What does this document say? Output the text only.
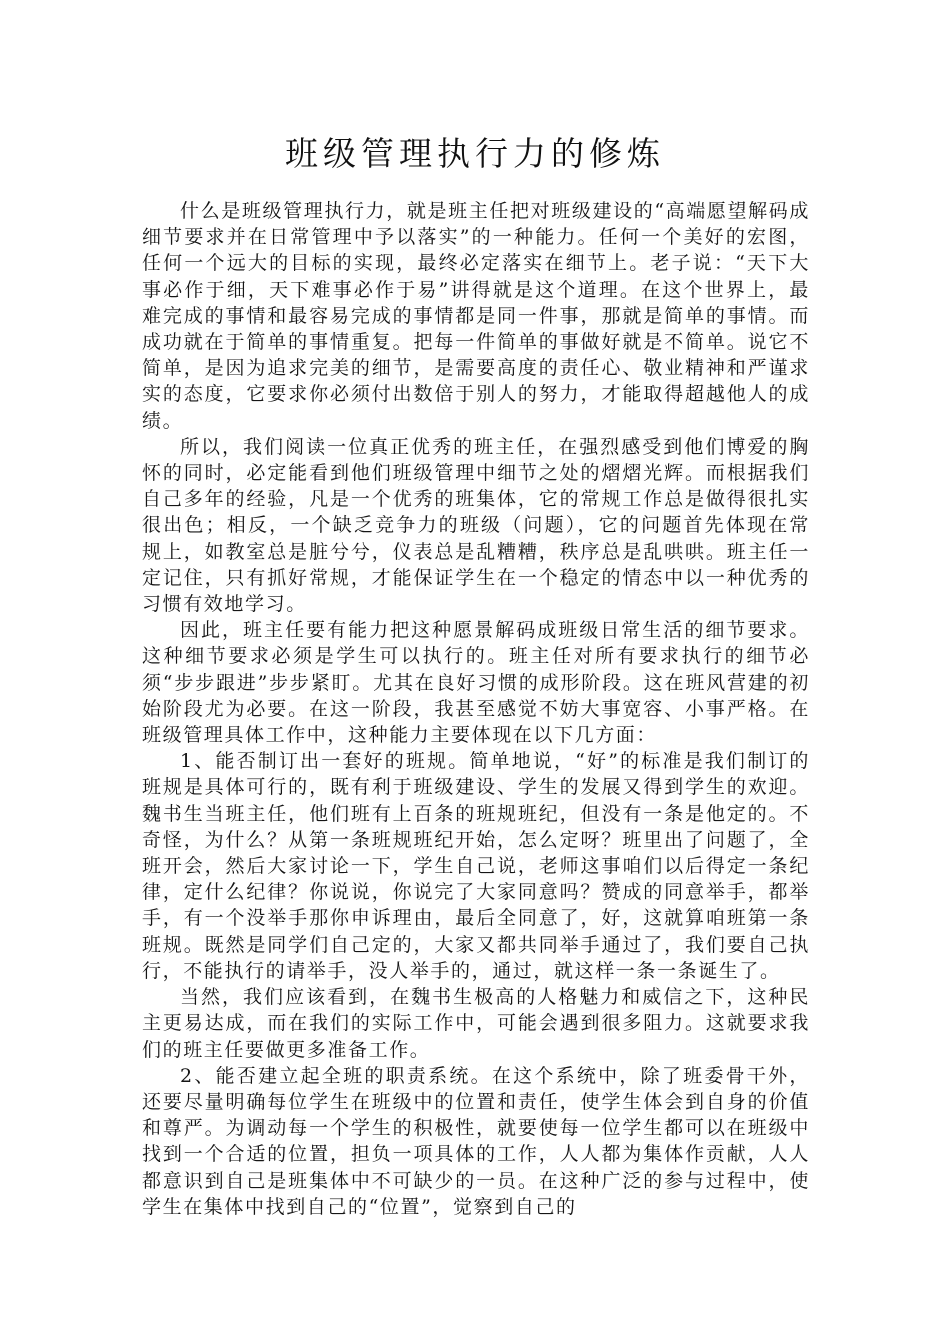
班级管理执行力的修炼

什么是班级管理执行力，就是班主任把对班级建设的“高端愿望解码成细节要求并在日常管理中予以落实”的一种能力。任何一个美好的宏图，任何一个远大的目标的实现，最终必定落实在细节上。老子说：“天下大事必作于细，天下难事必作于易”讲得就是这个道理。在这个世界上，最难完成的事情和最容易完成的事情都是同一件事，那就是简单的事情。而成功就在于简单的事情重复。把每一件简单的事做好就是不简单。说它不简单，是因为追求完美的细节，是需要高度的责任心、敬业精神和严谨求实的态度，它要求你必须付出数倍于别人的努力，才能取得超越他人的成绩。

所以，我们阅读一位真正优秀的班主任，在强烈感受到他们博爱的胸怀的同时，必定能看到他们班级管理中细节之处的熠熠光辉。而根据我们自己多年的经验，凡是一个优秀的班集体，它的常规工作总是做得很扎实很出色；相反，一个缺乏竞争力的班级（问题），它的问题首先体现在常规上，如教室总是脏兮兮，仪表总是乱糟糟，秩序总是乱哄哄。班主任一定记住，只有抓好常规，才能保证学生在一个稳定的情态中以一种优秀的习惯有效地学习。

因此，班主任要有能力把这种愿景解码成班级日常生活的细节要求。这种细节要求必须是学生可以执行的。班主任对所有要求执行的细节必须“步步跟进”步步紧盯。尤其在良好习惯的成形阶段。这在班风营建的初始阶段尤为必要。在这一阶段，我甚至感觉不妨大事宽容、小事严格。在班级管理具体工作中，这种能力主要体现在以下几方面：

1、能否制订出一套好的班规。简单地说，“好”的标准是我们制订的班规是具体可行的，既有利于班级建设、学生的发展又得到学生的欢迎。魏书生当班主任，他们班有上百条的班规班纪，但没有一条是他定的。不奇怪，为什么？从第一条班规班纪开始，怎么定呀？班里出了问题了，全班开会，然后大家讨论一下，学生自己说，老师这事咱们以后得定一条纪律，定什么纪律？你说说，你说完了大家同意吗？赞成的同意举手，都举手，有一个没举手那你申诉理由，最后全同意了，好，这就算咱班第一条班规。既然是同学们自己定的，大家又都共同举手通过了，我们要自己执行，不能执行的请举手，没人举手的，通过，就这样一条一条诞生了。

当然，我们应该看到，在魏书生极高的人格魅力和威信之下，这种民主更易达成，而在我们的实际工作中，可能会遇到很多阻力。这就要求我们的班主任要做更多准备工作。

2、能否建立起全班的职责系统。在这个系统中，除了班委骨干外，还要尽量明确每位学生在班级中的位置和责任，使学生体会到自身的价值和尊严。为调动每一个学生的积极性，就要使每一位学生都可以在班级中找到一个合适的位置，担负一项具体的工作，人人都为集体作贡献，人人都意识到自己是班集体中不可缺少的一员。在这种广泛的参与过程中，使学生在集体中找到自己的“位置”，觉察到自己的
